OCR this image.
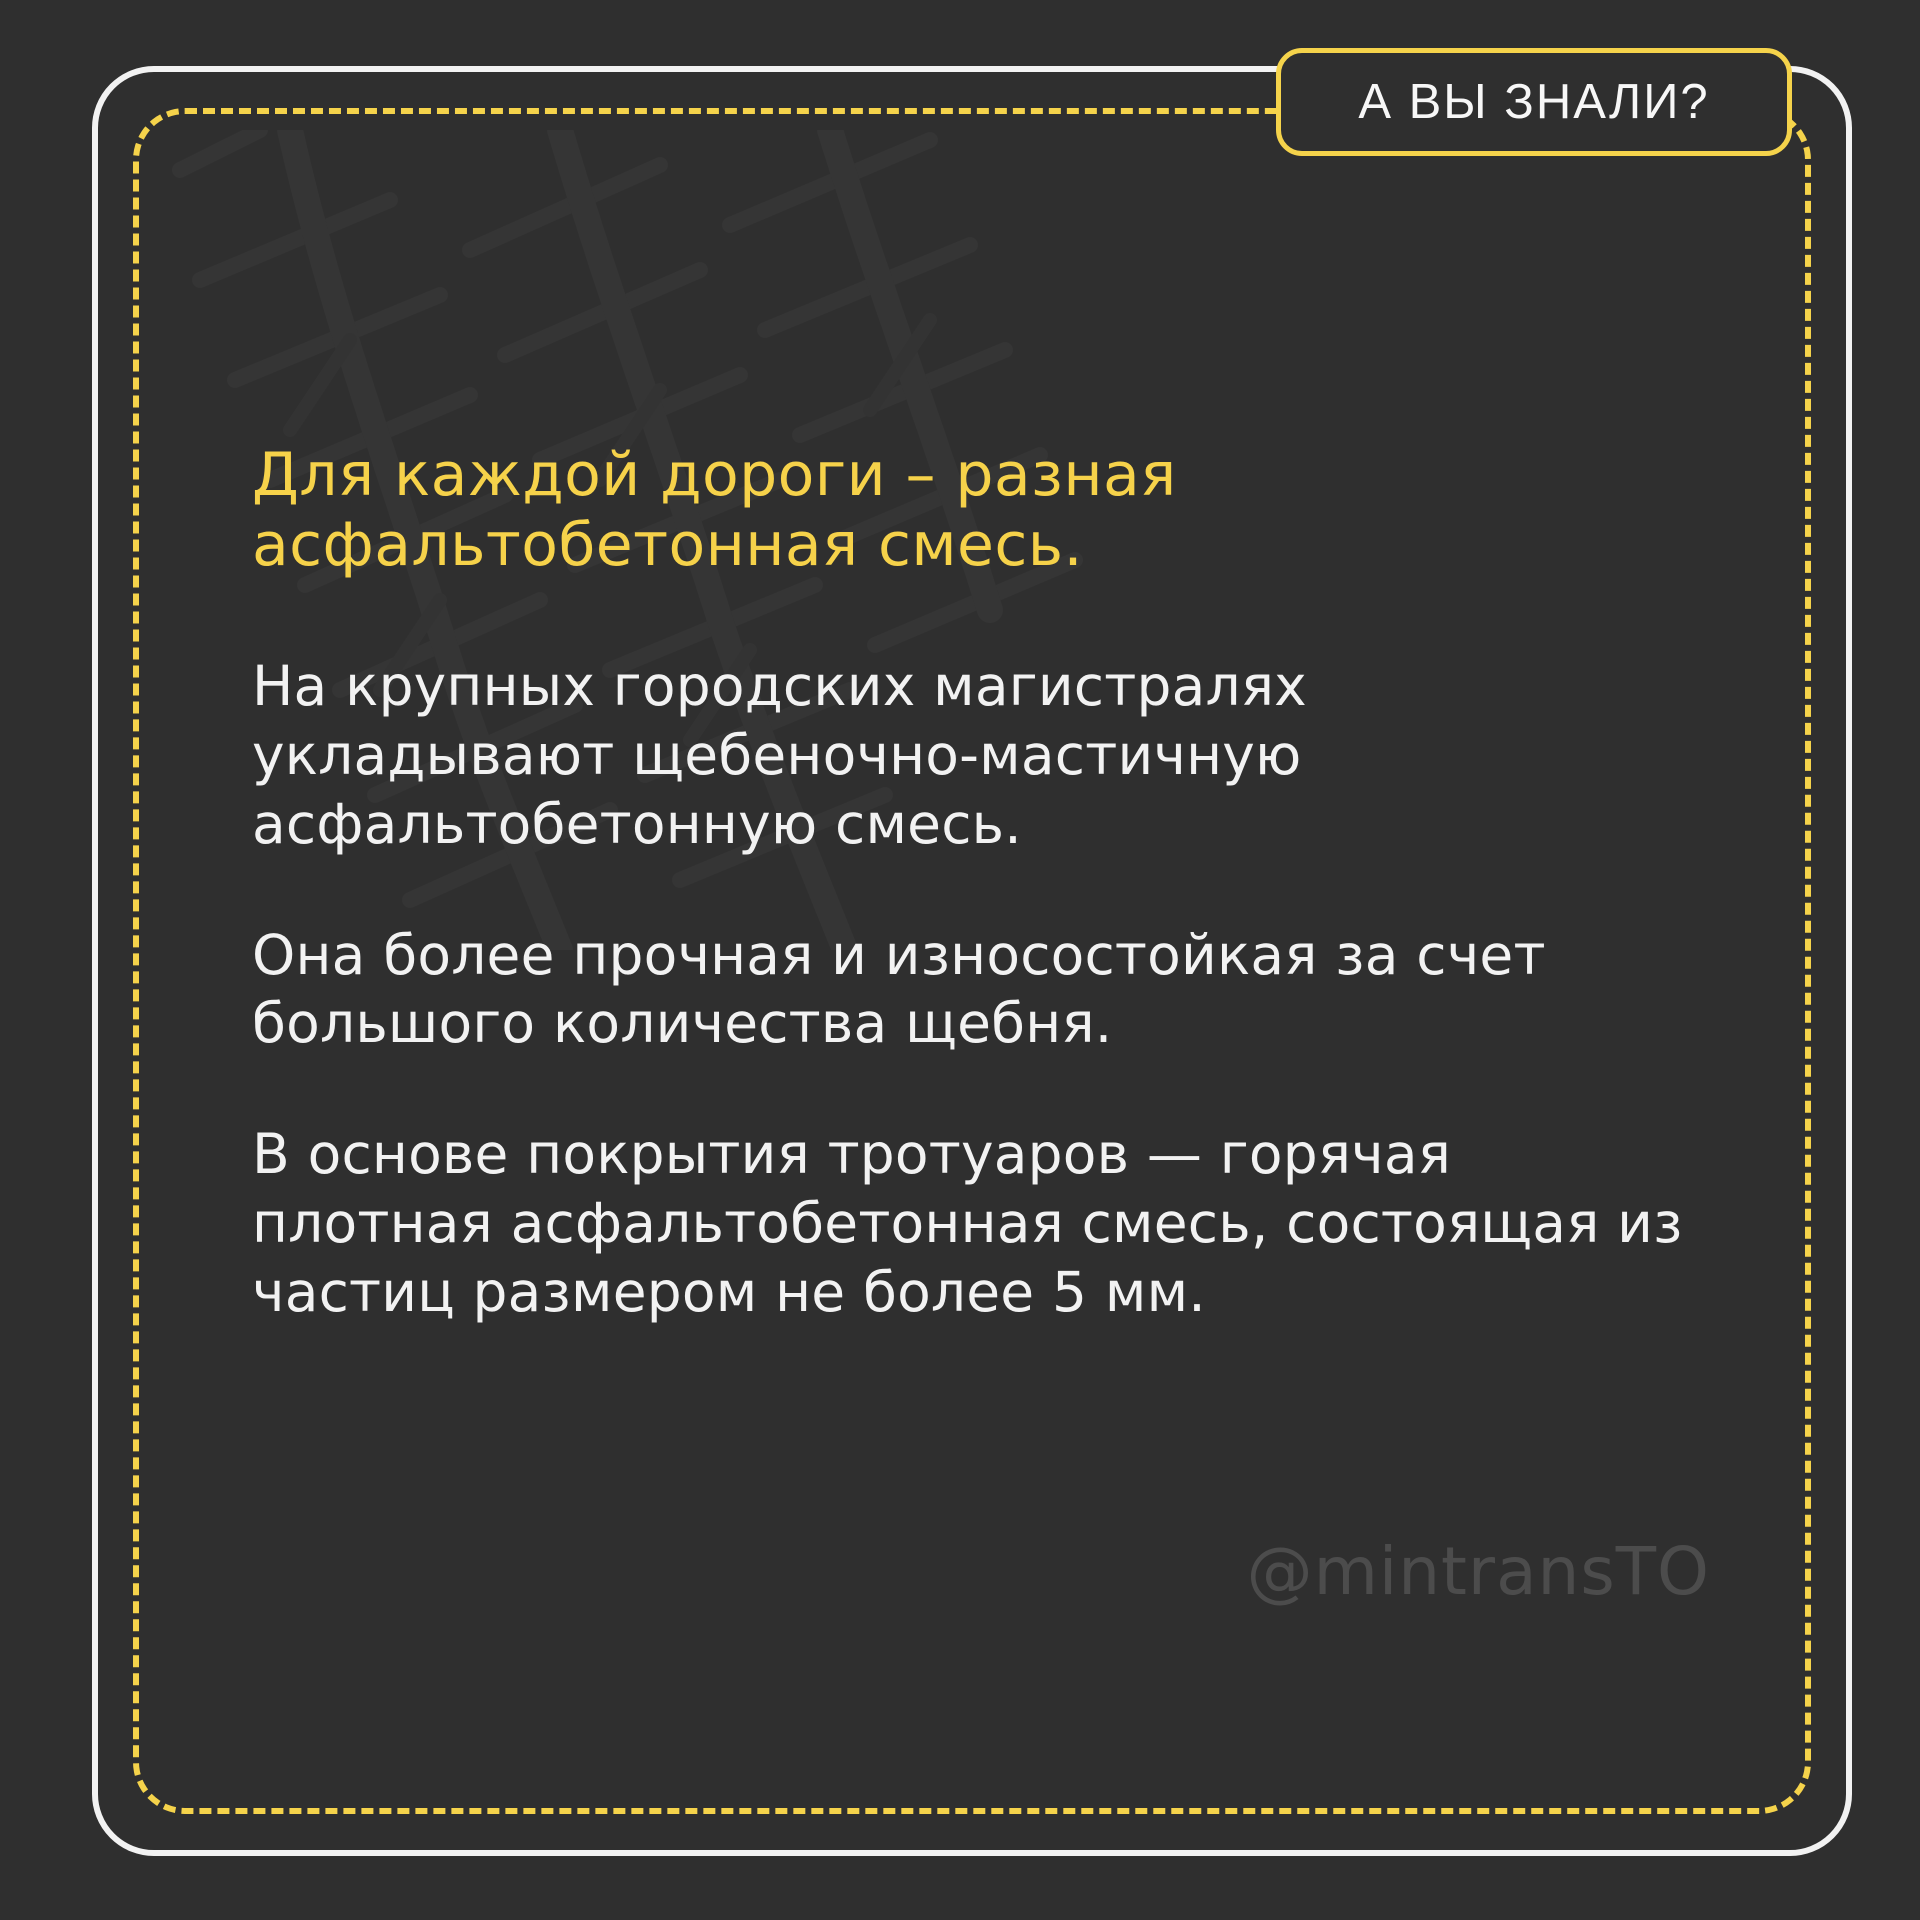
А ВЫ ЗНАЛИ?
Для каждой дороги – разная асфальтобетонная смесь.

На крупных городских магистралях укладывают щебеночно-мастичную асфальтобетонную смесь.

Она более прочная и износостойкая за счет большого количества щебня.

В основе покрытия тротуаров — горячая плотная асфальтобетонная смесь, состоящая из частиц размером не более 5 мм.

@mintransTO
